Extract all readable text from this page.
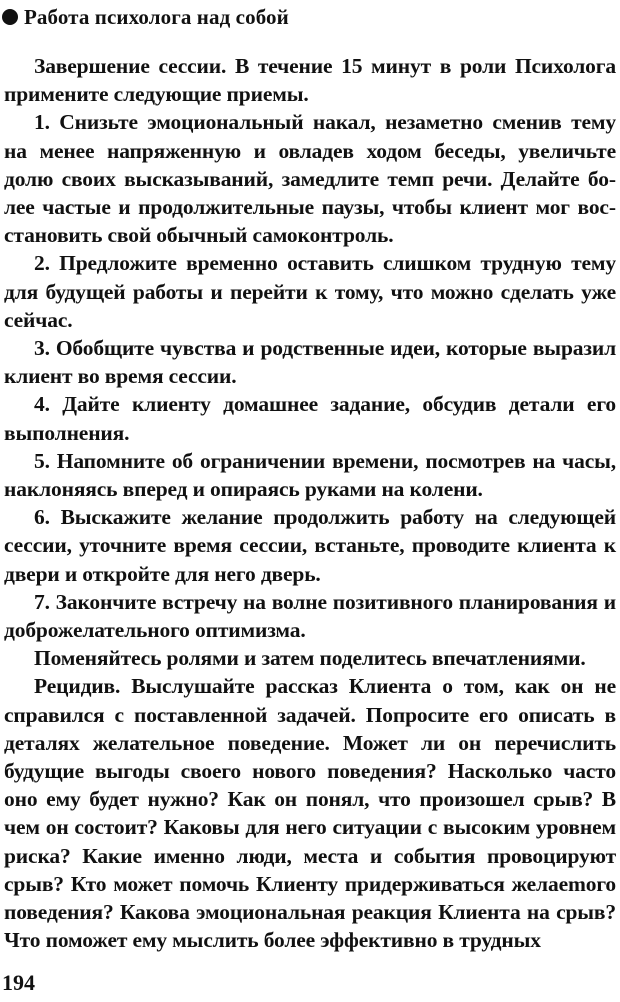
Работа психолога над собой

Завершение сессии. В течение 15 минут в роли Психолога примените следующие приемы.

1. Снизьте эмоциональный накал, незаметно сменив тему на менее напряженную и овладев ходом беседы, увеличьте долю своих высказываний, замедлите темп речи. Делайте более частые и продолжительные паузы, чтобы клиент мог восстановить свой обычный самоконтроль.

2. Предложите временно оставить слишком трудную тему для будущей работы и перейти к тому, что можно сделать уже сейчас.

3. Обобщите чувства и родственные идеи, которые выразил клиент во время сессии.

4. Дайте клиенту домашнее задание, обсудив детали его выполнения.

5. Напомните об ограничении времени, посмотрев на часы, наклоняясь вперед и опираясь руками на колени.

6. Выскажите желание продолжить работу на следующей сессии, уточните время сессии, встаньте, проводите клиента к двери и откройте для него дверь.

7. Закончите встречу на волне позитивного планирования и доброжелательного оптимизма.

Поменяйтесь ролями и затем поделитесь впечатлениями.

Рецидив. Выслушайте рассказ Клиента о том, как он не справился с поставленной задачей. Попросите его описать в деталях желательное поведение. Может ли он перечислить будущие выгоды своего нового поведения? Насколько часто оно ему будет нужно? Как он понял, что произошел срыв? В чем он состоит? Каковы для него ситуации с высоким уровнем риска? Какие именно люди, места и события провоцируют срыв? Кто может помочь Клиенту придерживаться желаеmого поведения? Какова эмоциональная реакция Клиента на срыв? Что поможет ему мыслить более эффективно в трудных

194
